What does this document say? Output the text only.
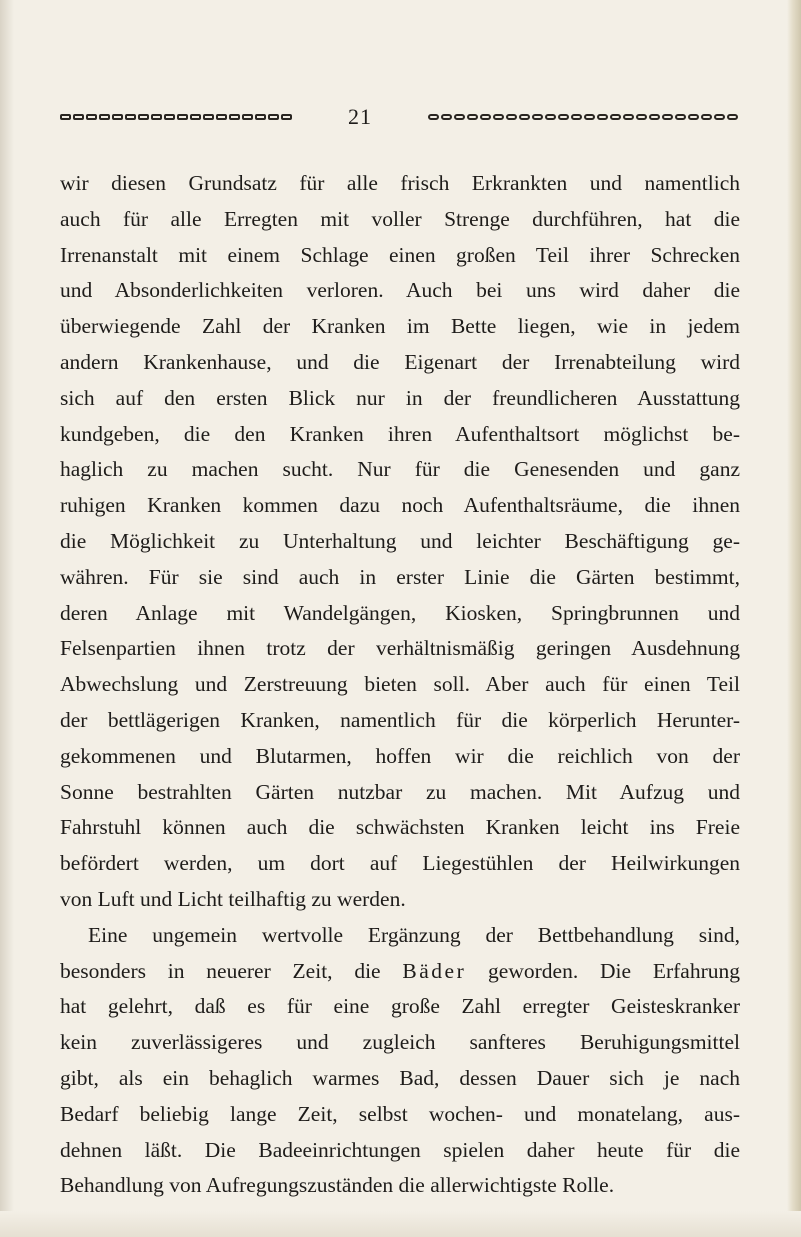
21

wir diesen Grundsatz für alle frisch Erkrankten und namentlich
auch für alle Erregten mit voller Strenge durchführen, hat die
Irrenanstalt mit einem Schlage einen großen Teil ihrer Schrecken
und Absonderlichkeiten verloren. Auch bei uns wird daher die
überwiegende Zahl der Kranken im Bette liegen, wie in jedem
andern Krankenhause, und die Eigenart der Irrenabteilung wird
sich auf den ersten Blick nur in der freundlicheren Ausstattung
kundgeben, die den Kranken ihren Aufenthaltsort möglichst be-
haglich zu machen sucht. Nur für die Genesenden und ganz
ruhigen Kranken kommen dazu noch Aufenthaltsräume, die ihnen
die Möglichkeit zu Unterhaltung und leichter Beschäftigung ge-
währen. Für sie sind auch in erster Linie die Gärten bestimmt,
deren Anlage mit Wandelgängen, Kiosken, Springbrunnen und
Felsenpartien ihnen trotz der verhältnismäßig geringen Ausdehnung
Abwechslung und Zerstreuung bieten soll. Aber auch für einen Teil
der bettlägerigen Kranken, namentlich für die körperlich Herunter-
gekommenen und Blutarmen, hoffen wir die reichlich von der
Sonne bestrahlten Gärten nutzbar zu machen. Mit Aufzug und
Fahrstuhl können auch die schwächsten Kranken leicht ins Freie
befördert werden, um dort auf Liegestühlen der Heilwirkungen
von Luft und Licht teilhaftig zu werden.

Eine ungemein wertvolle Ergänzung der Bettbehandlung sind,
besonders in neuerer Zeit, die Bäder geworden. Die Erfahrung
hat gelehrt, daß es für eine große Zahl erregter Geisteskranker
kein zuverlässigeres und zugleich sanfteres Beruhigungsmittel
gibt, als ein behaglich warmes Bad, dessen Dauer sich je nach
Bedarf beliebig lange Zeit, selbst wochen- und monatelang, aus-
dehnen läßt. Die Badeeinrichtungen spielen daher heute für die
Behandlung von Aufregungszuständen die allerwichtigste Rolle.
